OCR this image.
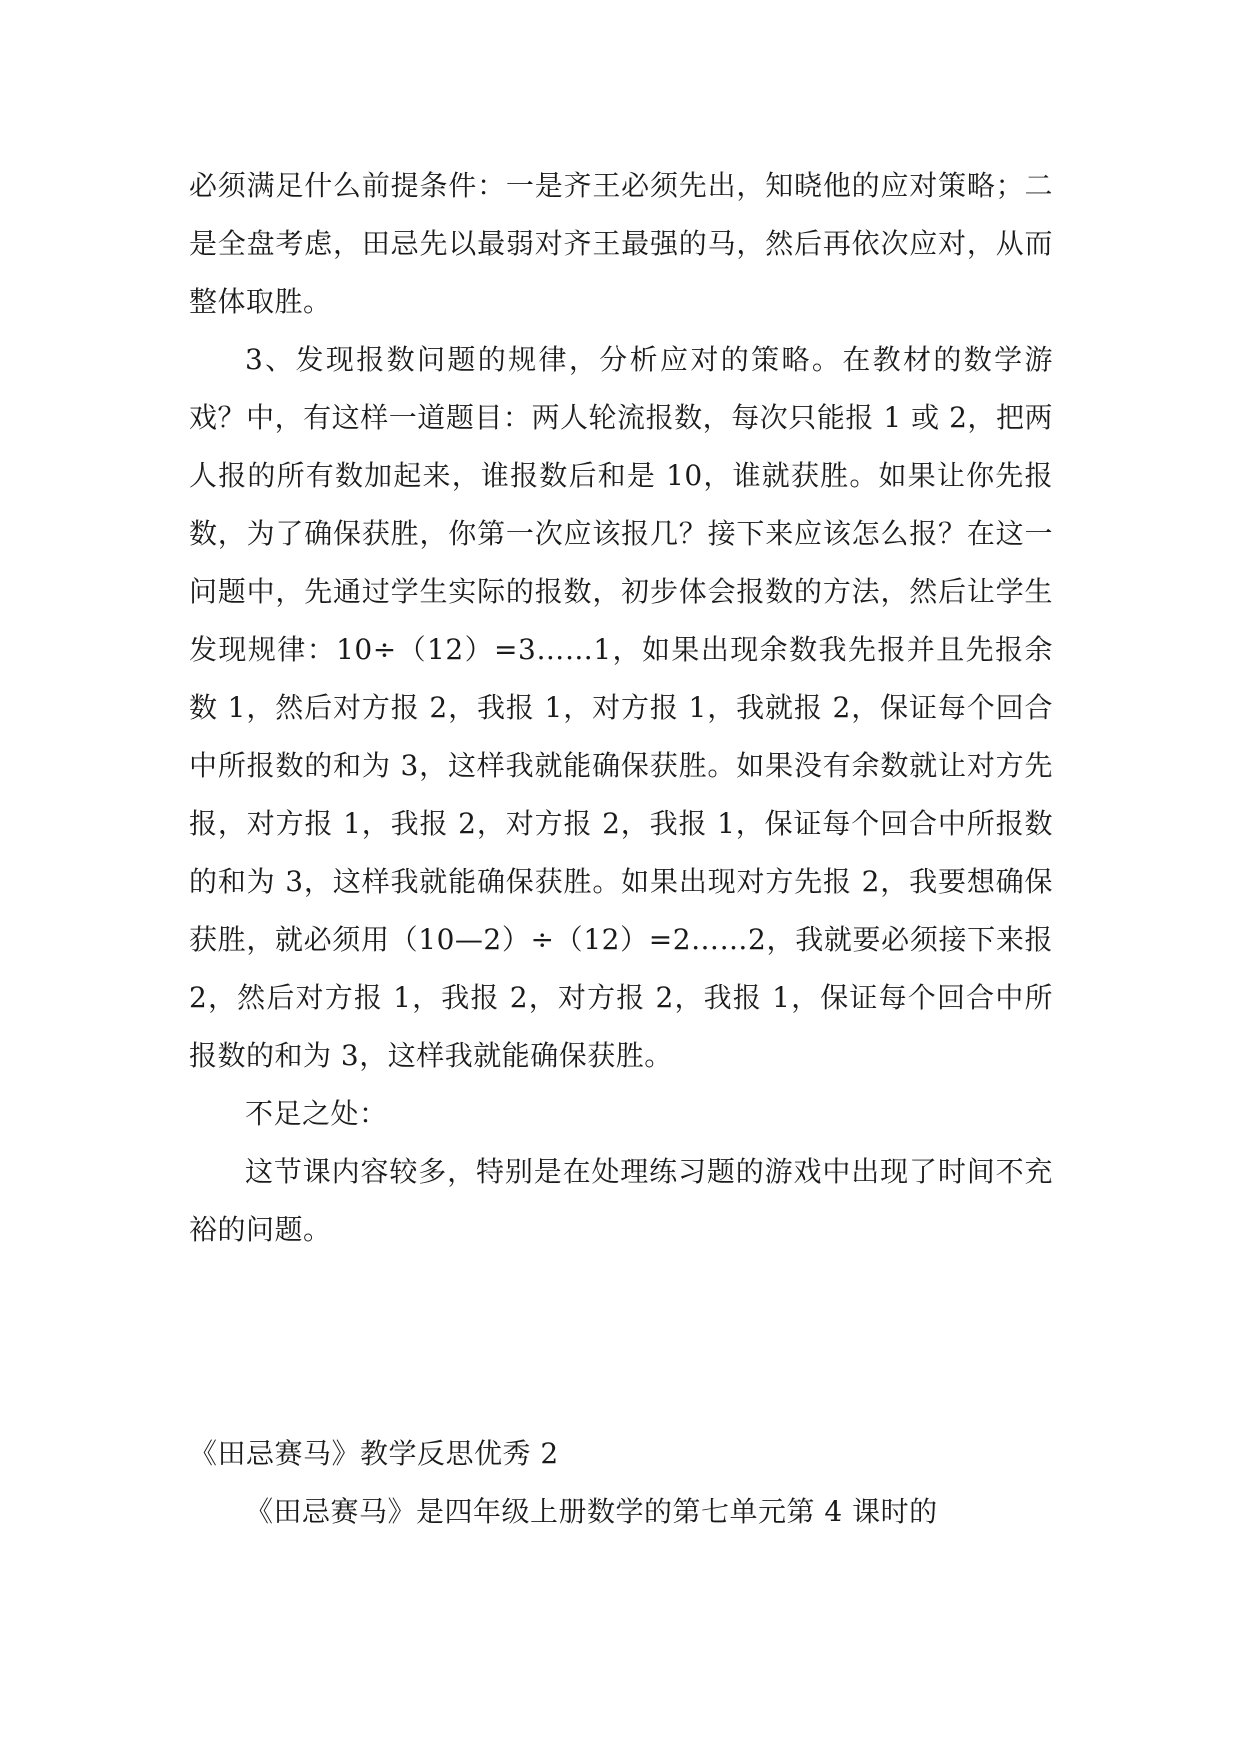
必须满足什么前提条件：一是齐王必须先出，知晓他的应对策略；二是全盘考虑，田忌先以最弱对齐王最强的马，然后再依次应对，从而整体取胜。

3、发现报数问题的规律，分析应对的策略。在教材的数学游戏？中，有这样一道题目：两人轮流报数，每次只能报 1 或 2，把两人报的所有数加起来，谁报数后和是 10，谁就获胜。如果让你先报数，为了确保获胜，你第一次应该报几？接下来应该怎么报？在这一问题中，先通过学生实际的报数，初步体会报数的方法，然后让学生发现规律：10÷（12）=3……1，如果出现余数我先报并且先报余数 1，然后对方报 2，我报 1，对方报 1，我就报 2，保证每个回合中所报数的和为 3，这样我就能确保获胜。如果没有余数就让对方先报，对方报 1，我报 2，对方报 2，我报 1，保证每个回合中所报数的和为 3，这样我就能确保获胜。如果出现对方先报 2，我要想确保获胜，就必须用（10—2）÷（12）=2……2，我就要必须接下来报 2，然后对方报 1，我报 2，对方报 2，我报 1，保证每个回合中所报数的和为 3，这样我就能确保获胜。

不足之处：

这节课内容较多，特别是在处理练习题的游戏中出现了时间不充裕的问题。

《田忌赛马》教学反思优秀 2

《田忌赛马》是四年级上册数学的第七单元第 4 课时的
